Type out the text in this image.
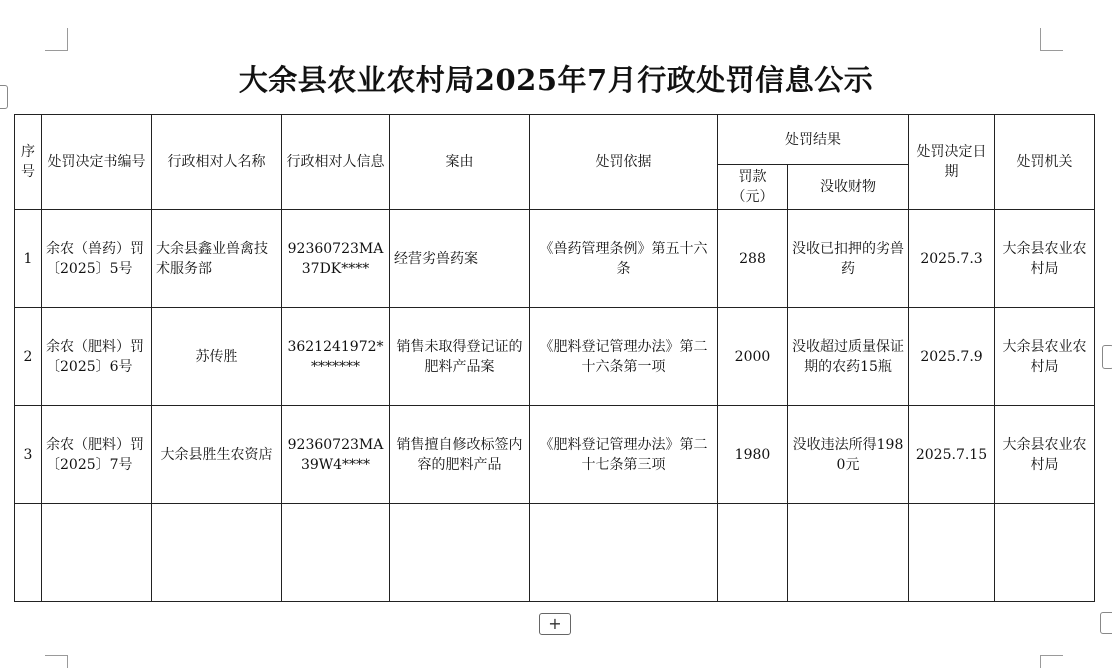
大余县农业农村局2025年7月行政处罚信息公示
序号	处罚决定书编号	行政相对人名称	行政相对人信息	案由	处罚依据	处罚结果		处罚决定日期	处罚机关
						罚款（元）	没收财物		
1	余农（兽药）罚〔2025〕5号	大余县鑫业兽禽技术服务部	92360723MA37DK****	经营劣兽药案	《兽药管理条例》第五十六条	288	没收已扣押的劣兽药	2025.7.3	大余县农业农村局
2	余农（肥料）罚〔2025〕6号	苏传胜	3621241972********	销售未取得登记证的肥料产品案	《肥料登记管理办法》第二十六条第一项	2000	没收超过质量保证期的农药15瓶	2025.7.9	大余县农业农村局
3	余农（肥料）罚〔2025〕7号	大余县胜生农资店	92360723MA39W4****	销售擅自修改标签内容的肥料产品	《肥料登记管理办法》第二十七条第三项	1980	没收违法所得1980元	2025.7.15	大余县农业农村局

+
